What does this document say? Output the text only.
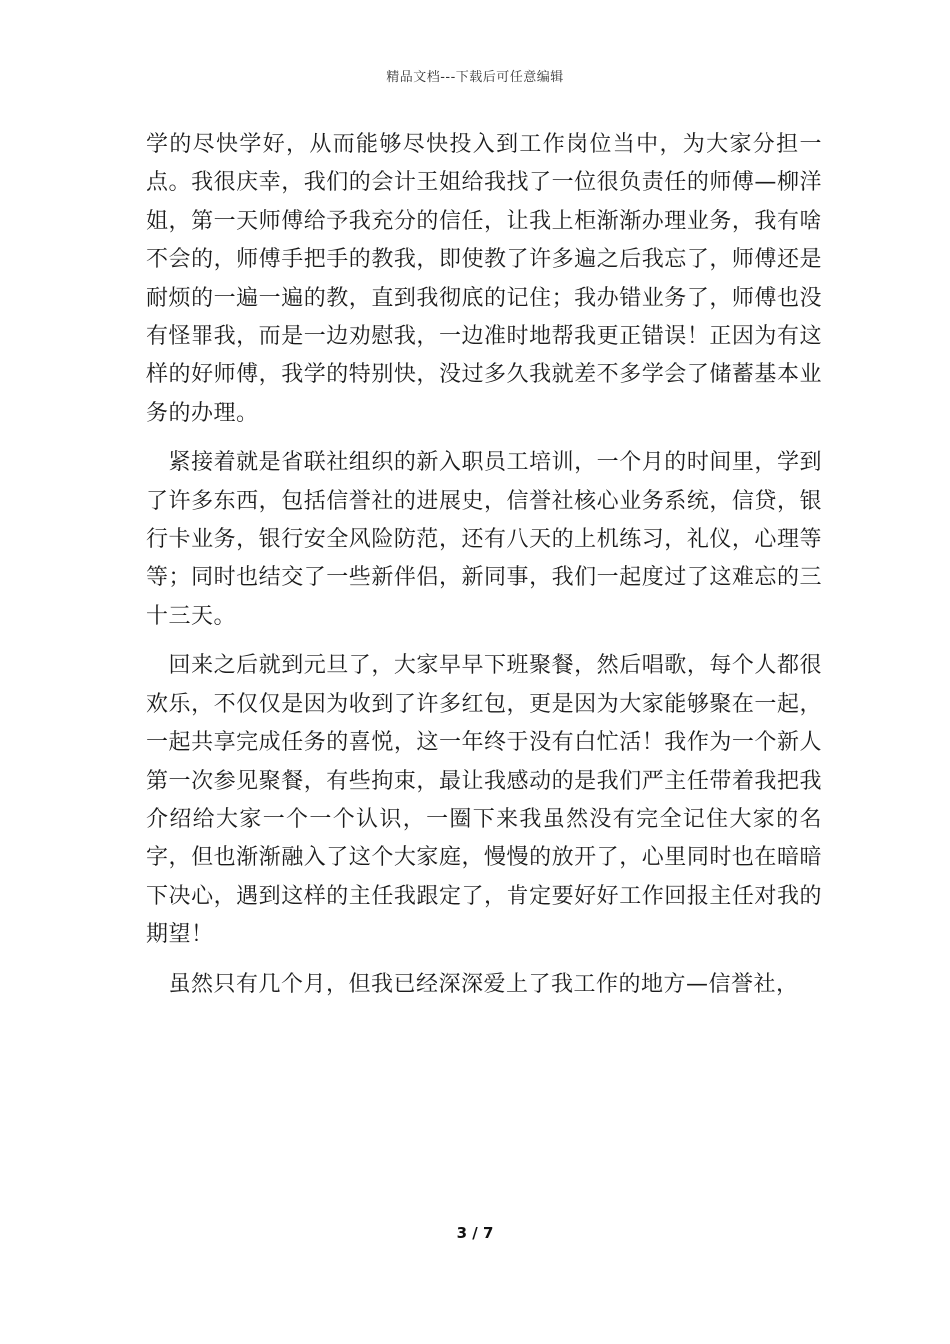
精品文档---下载后可任意编辑

学的尽快学好，从而能够尽快投入到工作岗位当中，为大家分担一点。我很庆幸，我们的会计王姐给我找了一位很负责任的师傅—柳洋姐，第一天师傅给予我充分的信任，让我上柜渐渐办理业务，我有啥不会的，师傅手把手的教我，即使教了许多遍之后我忘了，师傅还是耐烦的一遍一遍的教，直到我彻底的记住；我办错业务了，师傅也没有怪罪我，而是一边劝慰我，一边准时地帮我更正错误！正因为有这样的好师傅，我学的特别快，没过多久我就差不多学会了储蓄基本业务的办理。

　紧接着就是省联社组织的新入职员工培训，一个月的时间里，学到了许多东西，包括信誉社的进展史，信誉社核心业务系统，信贷，银行卡业务，银行安全风险防范，还有八天的上机练习，礼仪，心理等等；同时也结交了一些新伴侣，新同事，我们一起度过了这难忘的三十三天。

　回来之后就到元旦了，大家早早下班聚餐，然后唱歌，每个人都很欢乐，不仅仅是因为收到了许多红包，更是因为大家能够聚在一起，一起共享完成任务的喜悦，这一年终于没有白忙活！我作为一个新人第一次参见聚餐，有些拘束，最让我感动的是我们严主任带着我把我介绍给大家一个一个认识，一圈下来我虽然没有完全记住大家的名字，但也渐渐融入了这个大家庭，慢慢的放开了，心里同时也在暗暗下决心，遇到这样的主任我跟定了，肯定要好好工作回报主任对我的期望！

　虽然只有几个月，但我已经深深爱上了我工作的地方—信誉社，

3 / 7
